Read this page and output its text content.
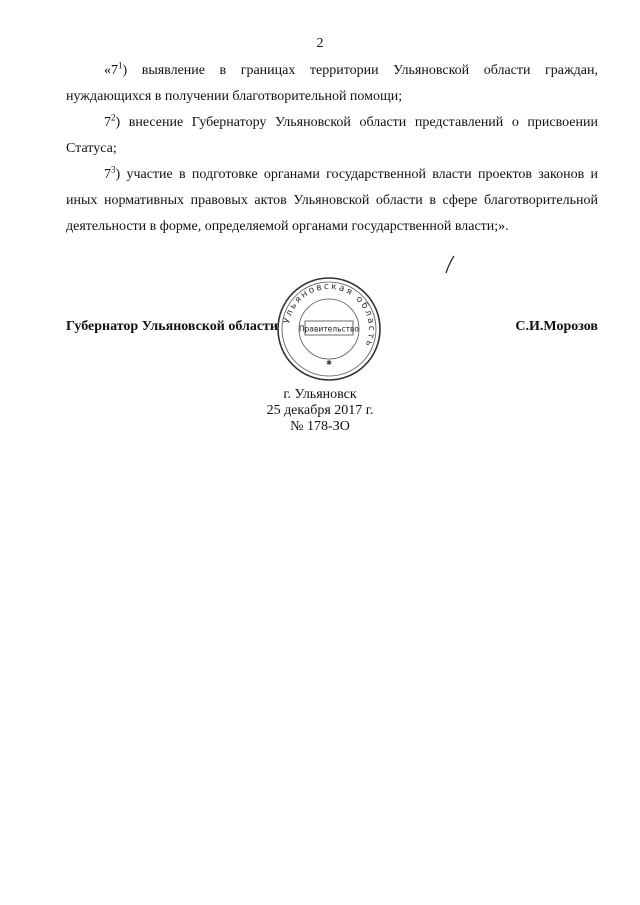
2

«$7^1$) выявление в границах территории Ульяновской области граждан, нуждающихся в получении благотворительной помощи;

$7^2$) внесение Губернатору Ульяновской области представлений о присвоении Статуса;

$7^3$) участие в подготовке органами государственной власти проектов законов и иных нормативных правовых актов Ульяновской области в сфере благотворительной деятельности в форме, определяемой органами государственной власти;».

Ульяновская область
Правительство
✱
Губернатор Ульяновской области	С.И.Морозов
г. Ульяновск
25 декабря 2017 г.
№ 178-ЗО
